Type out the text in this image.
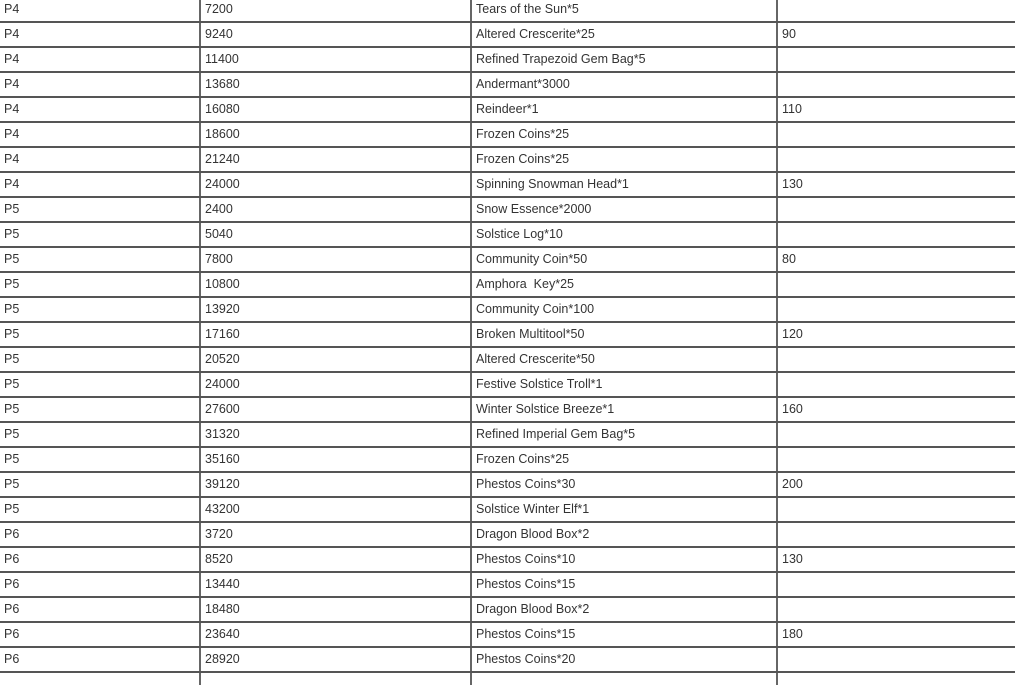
P4	7200	Tears of the Sun*5	
P4	9240	Altered Crescerite*25	90
P4	11400	Refined Trapezoid Gem Bag*5	
P4	13680	Andermant*3000	
P4	16080	Reindeer*1	110
P4	18600	Frozen Coins*25	
P4	21240	Frozen Coins*25	
P4	24000	Spinning Snowman Head*1	130
P5	2400	Snow Essence*2000	
P5	5040	Solstice Log*10	
P5	7800	Community Coin*50	80
P5	10800	Amphora  Key*25	
P5	13920	Community Coin*100	
P5	17160	Broken Multitool*50	120
P5	20520	Altered Crescerite*50	
P5	24000	Festive Solstice Troll*1	
P5	27600	Winter Solstice Breeze*1	160
P5	31320	Refined Imperial Gem Bag*5	
P5	35160	Frozen Coins*25	
P5	39120	Phestos Coins*30	200
P5	43200	Solstice Winter Elf*1	
P6	3720	Dragon Blood Box*2	
P6	8520	Phestos Coins*10	130
P6	13440	Phestos Coins*15	
P6	18480	Dragon Blood Box*2	
P6	23640	Phestos Coins*15	180
P6	28920	Phestos Coins*20	
